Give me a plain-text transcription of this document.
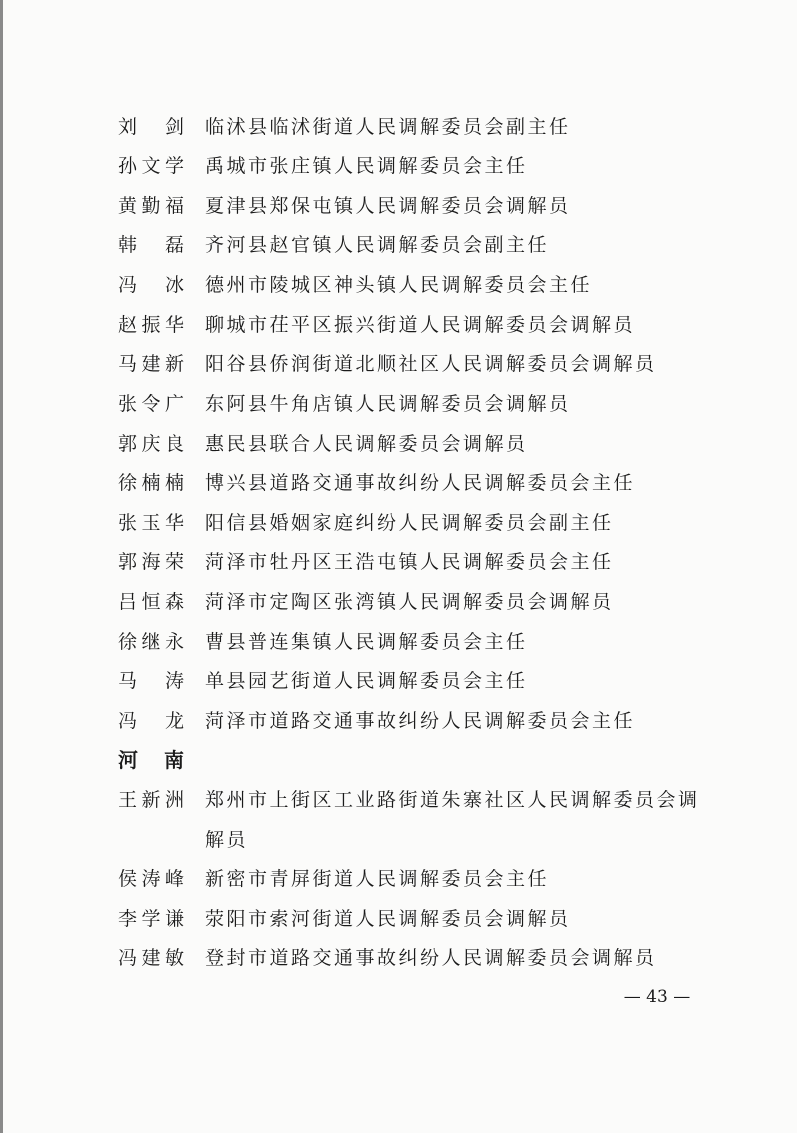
刘　剑 临沭县临沭街道人民调解委员会副主任
孙文学 禹城市张庄镇人民调解委员会主任
黄勤福 夏津县郑保屯镇人民调解委员会调解员
韩　磊 齐河县赵官镇人民调解委员会副主任
冯　冰 德州市陵城区神头镇人民调解委员会主任
赵振华 聊城市茌平区振兴街道人民调解委员会调解员
马建新 阳谷县侨润街道北顺社区人民调解委员会调解员
张令广 东阿县牛角店镇人民调解委员会调解员
郭庆良 惠民县联合人民调解委员会调解员
徐楠楠 博兴县道路交通事故纠纷人民调解委员会主任
张玉华 阳信县婚姻家庭纠纷人民调解委员会副主任
郭海荣 菏泽市牡丹区王浩屯镇人民调解委员会主任
吕恒森 菏泽市定陶区张湾镇人民调解委员会调解员
徐继永 曹县普连集镇人民调解委员会主任
马　涛 单县园艺街道人民调解委员会主任
冯　龙 菏泽市道路交通事故纠纷人民调解委员会主任
河　南
王新洲 郑州市上街区工业路街道朱寨社区人民调解委员会调解员
侯涛峰 新密市青屏街道人民调解委员会主任
李学谦 荥阳市索河街道人民调解委员会调解员
冯建敏 登封市道路交通事故纠纷人民调解委员会调解员
— 43 —
